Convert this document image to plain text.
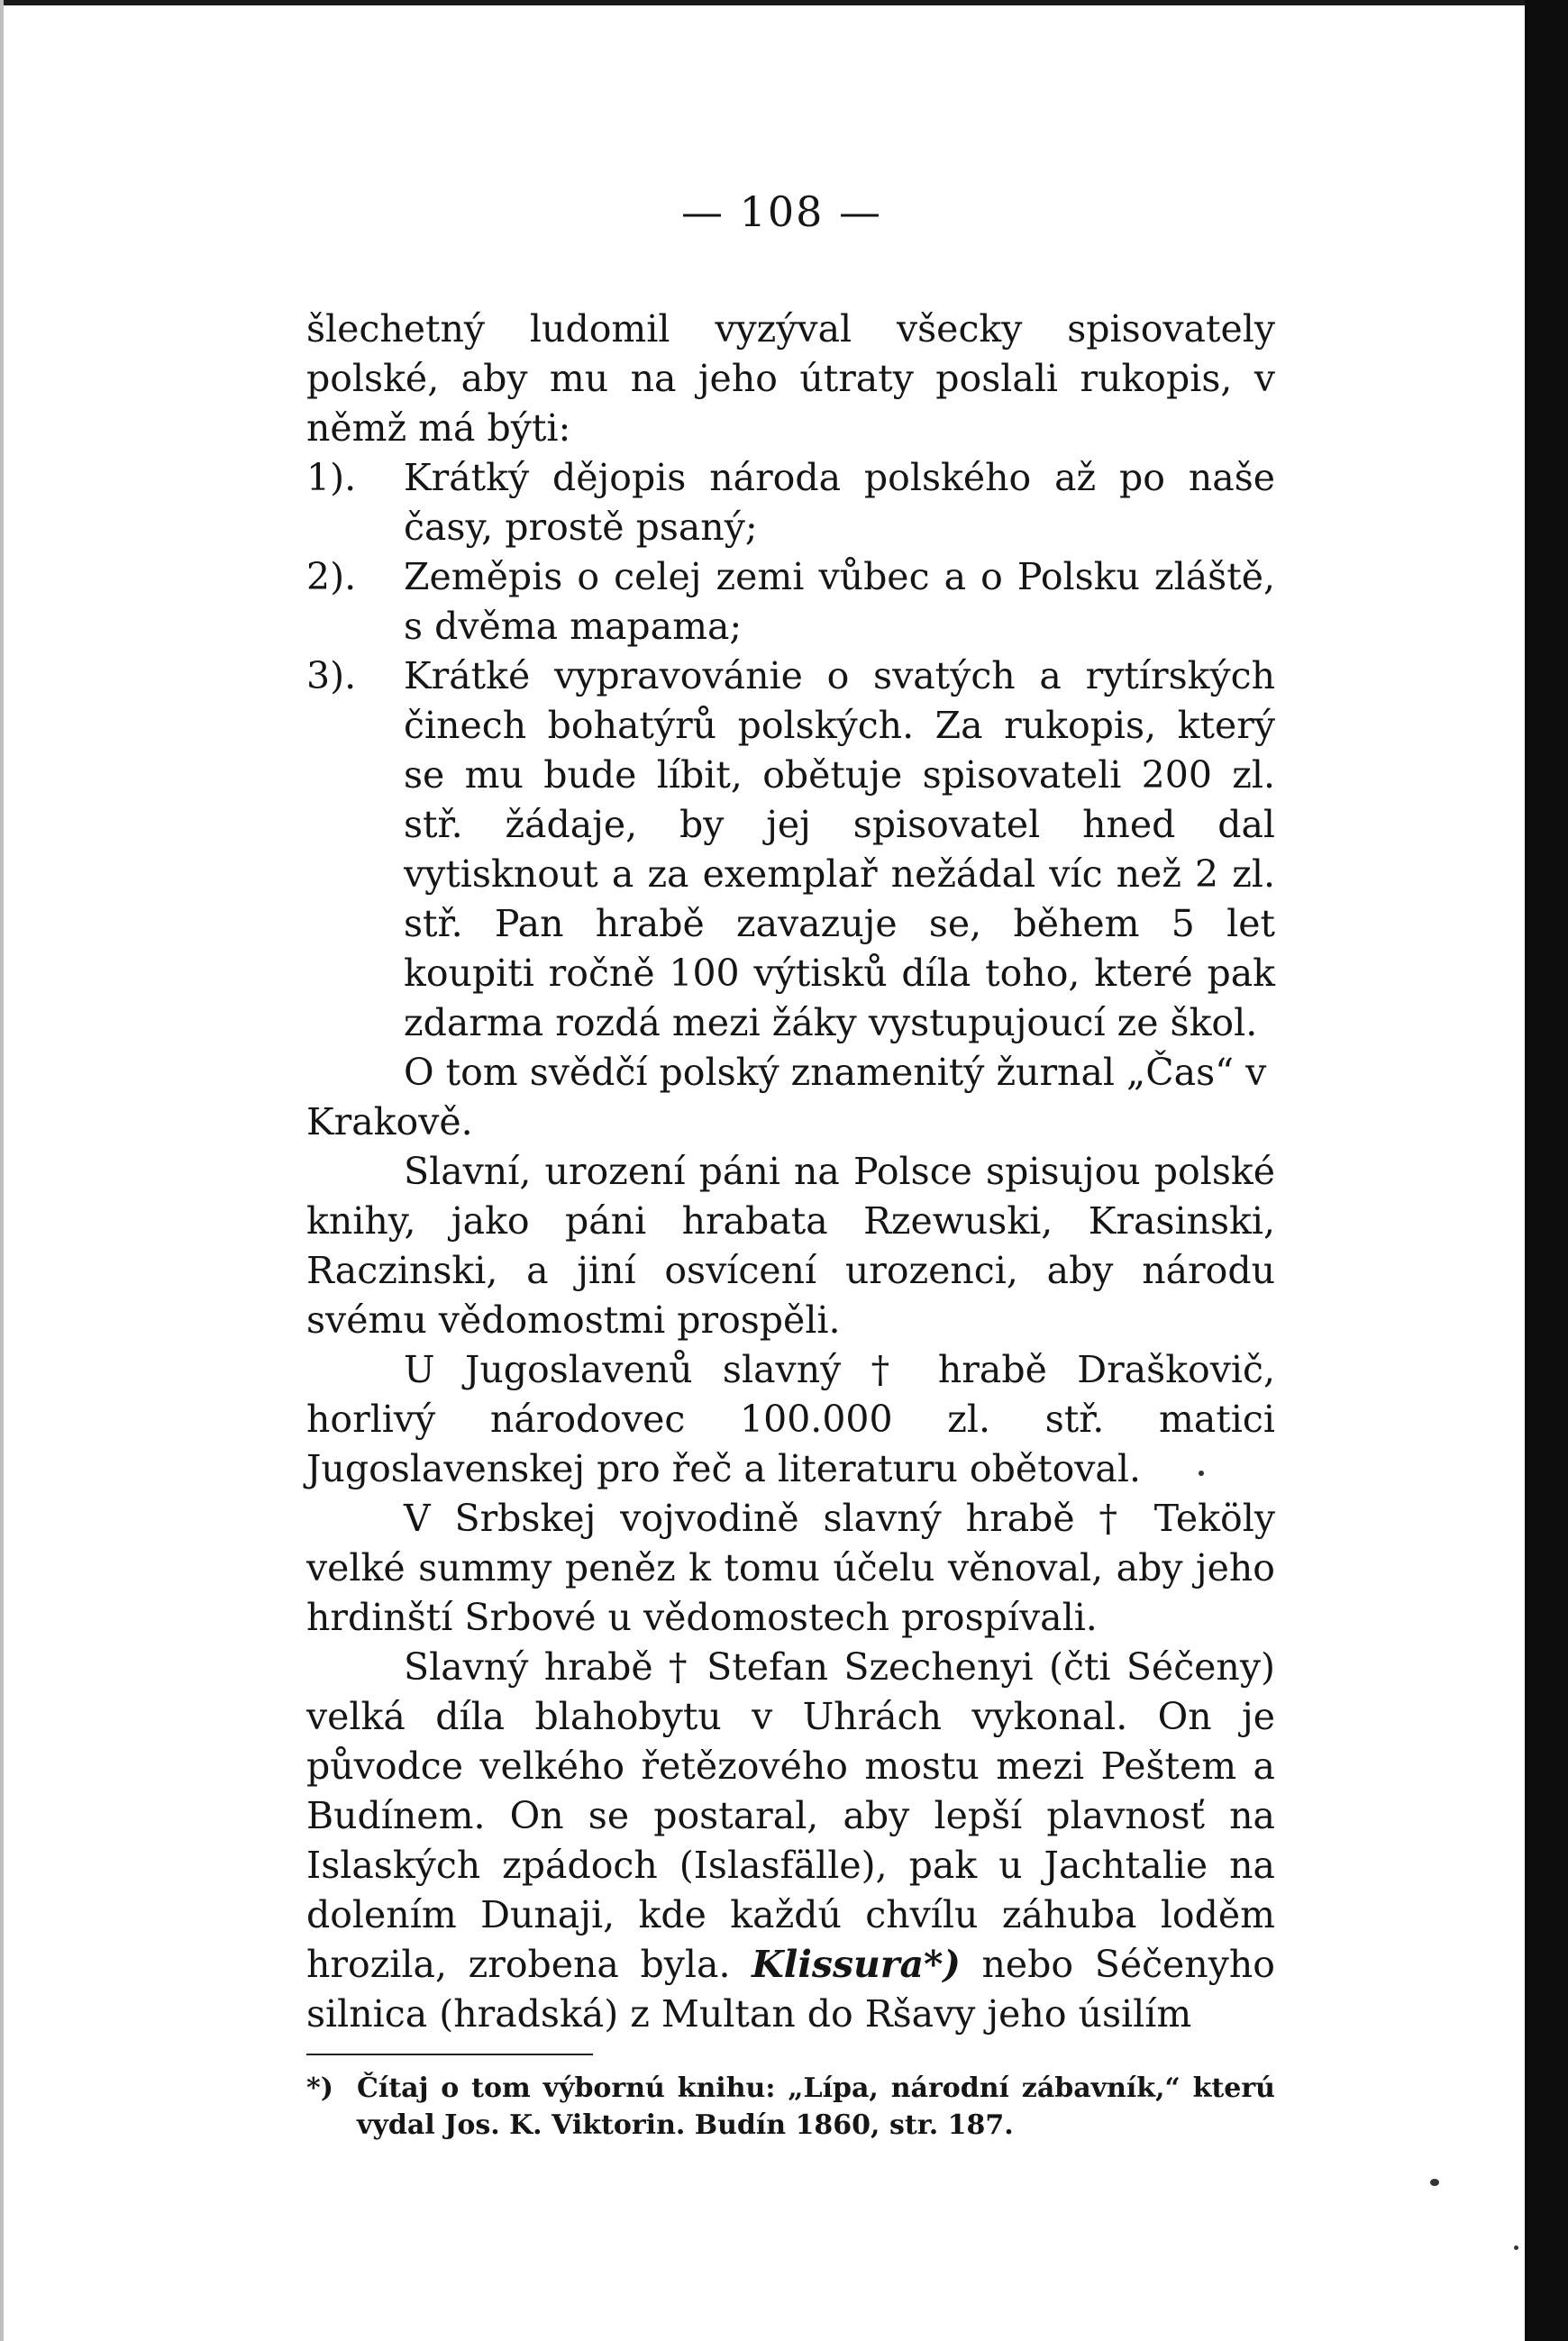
— 108 —

šlechetný ludomil vyzýval všecky spisovately polské, aby mu na jeho útraty poslali rukopis, v němž má býti:

1).	Krátký dějopis národa polského až po naše časy, prostě psaný;
2).	Zeměpis o celej zemi vůbec a o Polsku zláště, s dvěma mapama;
3).	Krátké vypravovánie o svatých a rytírských činech bohatýrů polských. Za rukopis, který se mu bude líbit, obětuje spisovateli 200 zl. stř. žádaje, by jej spisovatel hned dal vytisknout a za exemplař nežádal víc než 2 zl. stř. Pan hrabě zavazuje se, během 5 let koupiti ročně 100 výtisků díla toho, které pak zdarma rozdá mezi žáky vystupujoucí ze škol.

O tom svědčí polský znamenitý žurnal „Čas“ v

Krakově.

Slavní, urození páni na Polsce spisujou polské knihy, jako páni hrabata Rzewuski, Krasinski, Raczinski, a jiní osvícení urozenci, aby národu svému vědomostmi prospěli.

U Jugoslavenů slavný † hrabě Draškovič, horlivý národovec 100.000 zl. stř. matici Jugoslavenskej pro řeč a literaturu obětoval.

V Srbskej vojvodině slavný hrabě † Teköly velké summy peněz k tomu účelu věnoval, aby jeho hrdinští Srbové u vědomostech prospívali.

Slavný hrabě † Stefan Szechenyi (čti Séčeny) velká díla blahobytu v Uhrách vykonal. On je původce velkého řetězového mostu mezi Peštem a Budínem. On se postaral, aby lepší plavnosť na Islaských zpádoch (Islasfälle), pak u Jachtalie na dolením Dunaji, kde každú chvílu záhuba loděm hrozila, zrobena byla. Klissura*) nebo Séčenyho silnica (hradská) z Multan do Ršavy jeho úsilím

*) Čítaj o tom výbornú knihu: „Lípa, národní zábavník,“ kterú vydal Jos. K. Viktorin. Budín 1860, str. 187.
